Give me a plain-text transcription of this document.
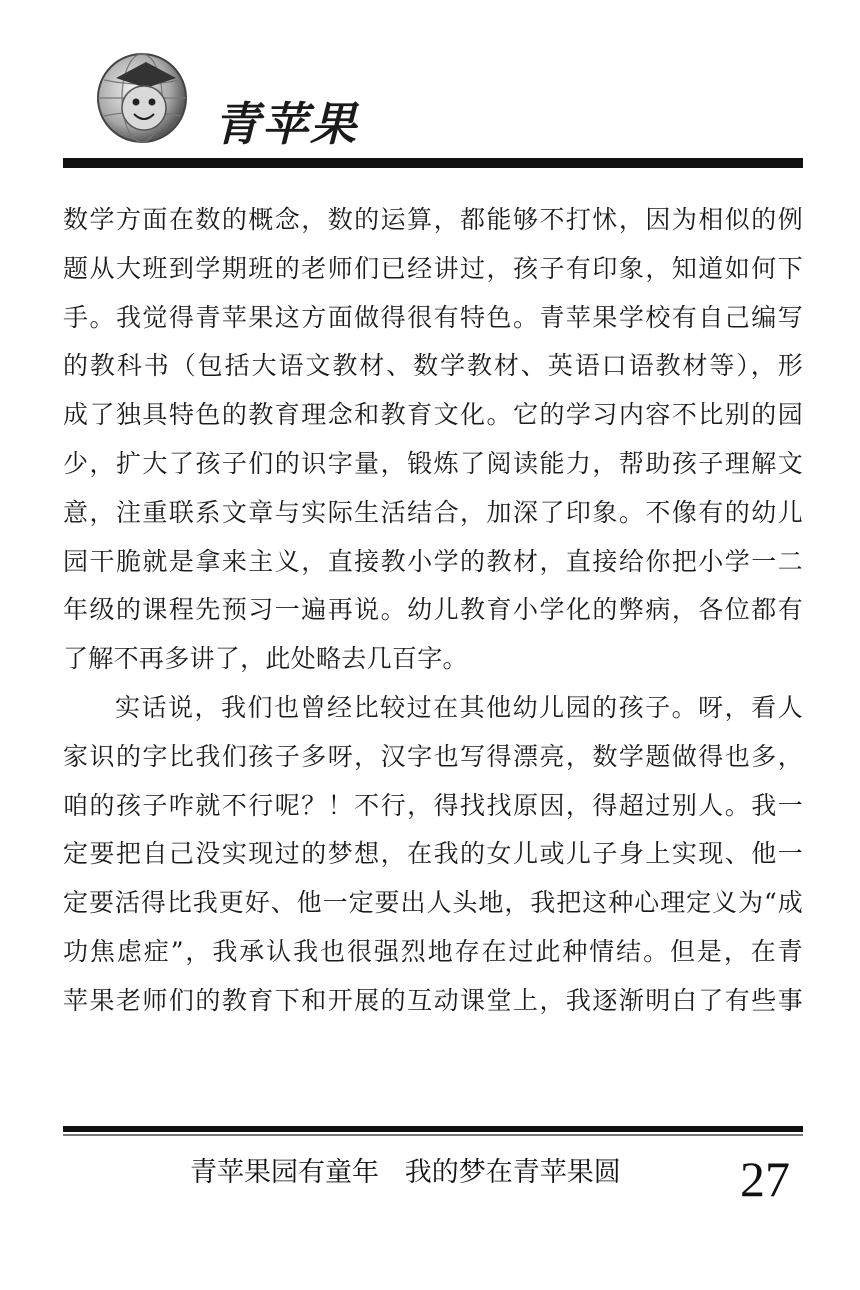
青苹果
数学方面在数的概念，数的运算，都能够不打怵，因为相似的例
题从大班到学期班的老师们已经讲过，孩子有印象，知道如何下
手。我觉得青苹果这方面做得很有特色。青苹果学校有自己编写
的教科书（包括大语文教材、数学教材、英语口语教材等），形
成了独具特色的教育理念和教育文化。它的学习内容不比别的园
少，扩大了孩子们的识字量，锻炼了阅读能力，帮助孩子理解文
意，注重联系文章与实际生活结合，加深了印象。不像有的幼儿
园干脆就是拿来主义，直接教小学的教材，直接给你把小学一二
年级的课程先预习一遍再说。幼儿教育小学化的弊病，各位都有
了解不再多讲了，此处略去几百字。
实话说，我们也曾经比较过在其他幼儿园的孩子。呀，看人
家识的字比我们孩子多呀，汉字也写得漂亮，数学题做得也多，
咱的孩子咋就不行呢？！不行，得找找原因，得超过别人。我一
定要把自己没实现过的梦想，在我的女儿或儿子身上实现、他一
定要活得比我更好、他一定要出人头地，我把这种心理定义为“成
功焦虑症”，我承认我也很强烈地存在过此种情结。但是，在青
苹果老师们的教育下和开展的互动课堂上，我逐渐明白了有些事
青苹果园有童年   我的梦在青苹果圆 27
